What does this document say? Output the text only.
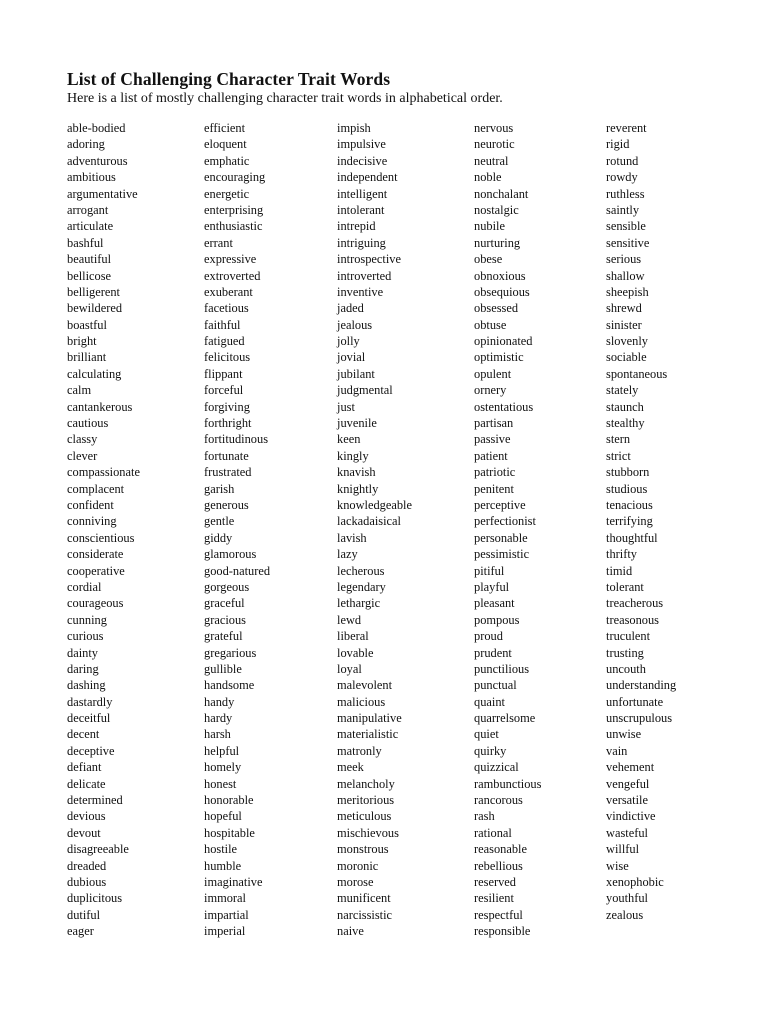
List of Challenging Character Trait Words
Here is a list of mostly challenging character trait words in alphabetical order.
able-bodied
adoring
adventurous
ambitious
argumentative
arrogant
articulate
bashful
beautiful
bellicose
belligerent
bewildered
boastful
bright
brilliant
calculating
calm
cantankerous
cautious
classy
clever
compassionate
complacent
confident
conniving
conscientious
considerate
cooperative
cordial
courageous
cunning
curious
dainty
daring
dashing
dastardly
deceitful
decent
deceptive
defiant
delicate
determined
devious
devout
disagreeable
dreaded
dubious
duplicitous
dutiful
eager
efficient
eloquent
emphatic
encouraging
energetic
enterprising
enthusiastic
errant
expressive
extroverted
exuberant
facetious
faithful
fatigued
felicitous
flippant
forceful
forgiving
forthright
fortitudinous
fortunate
frustrated
garish
generous
gentle
giddy
glamorous
good-natured
gorgeous
graceful
gracious
grateful
gregarious
gullible
handsome
handy
hardy
harsh
helpful
homely
honest
honorable
hopeful
hospitable
hostile
humble
imaginative
immoral
impartial
imperial
impish
impulsive
indecisive
independent
intelligent
intolerant
intrepid
intriguing
introspective
introverted
inventive
jaded
jealous
jolly
jovial
jubilant
judgmental
just
juvenile
keen
kingly
knavish
knightly
knowledgeable
lackadaisical
lavish
lazy
lecherous
legendary
lethargic
lewd
liberal
lovable
loyal
malevolent
malicious
manipulative
materialistic
matronly
meek
melancholy
meritorious
meticulous
mischievous
monstrous
moronic
morose
munificent
narcissistic
naive
nervous
neurotic
neutral
noble
nonchalant
nostalgic
nubile
nurturing
obese
obnoxious
obsequious
obsessed
obtuse
opinionated
optimistic
opulent
ornery
ostentatious
partisan
passive
patient
patriotic
penitent
perceptive
perfectionist
personable
pessimistic
pitiful
playful
pleasant
pompous
proud
prudent
punctilious
punctual
quaint
quarrelsome
quiet
quirky
quizzical
rambunctious
rancorous
rash
rational
reasonable
rebellious
reserved
resilient
respectful
responsible
reverent
rigid
rotund
rowdy
ruthless
saintly
sensible
sensitive
serious
shallow
sheepish
shrewd
sinister
slovenly
sociable
spontaneous
stately
staunch
stealthy
stern
strict
stubborn
studious
tenacious
terrifying
thoughtful
thrifty
timid
tolerant
treacherous
treasonous
truculent
trusting
uncouth
understanding
unfortunate
unscrupulous
unwise
vain
vehement
vengeful
versatile
vindictive
wasteful
willful
wise
xenophobic
youthful
zealous
